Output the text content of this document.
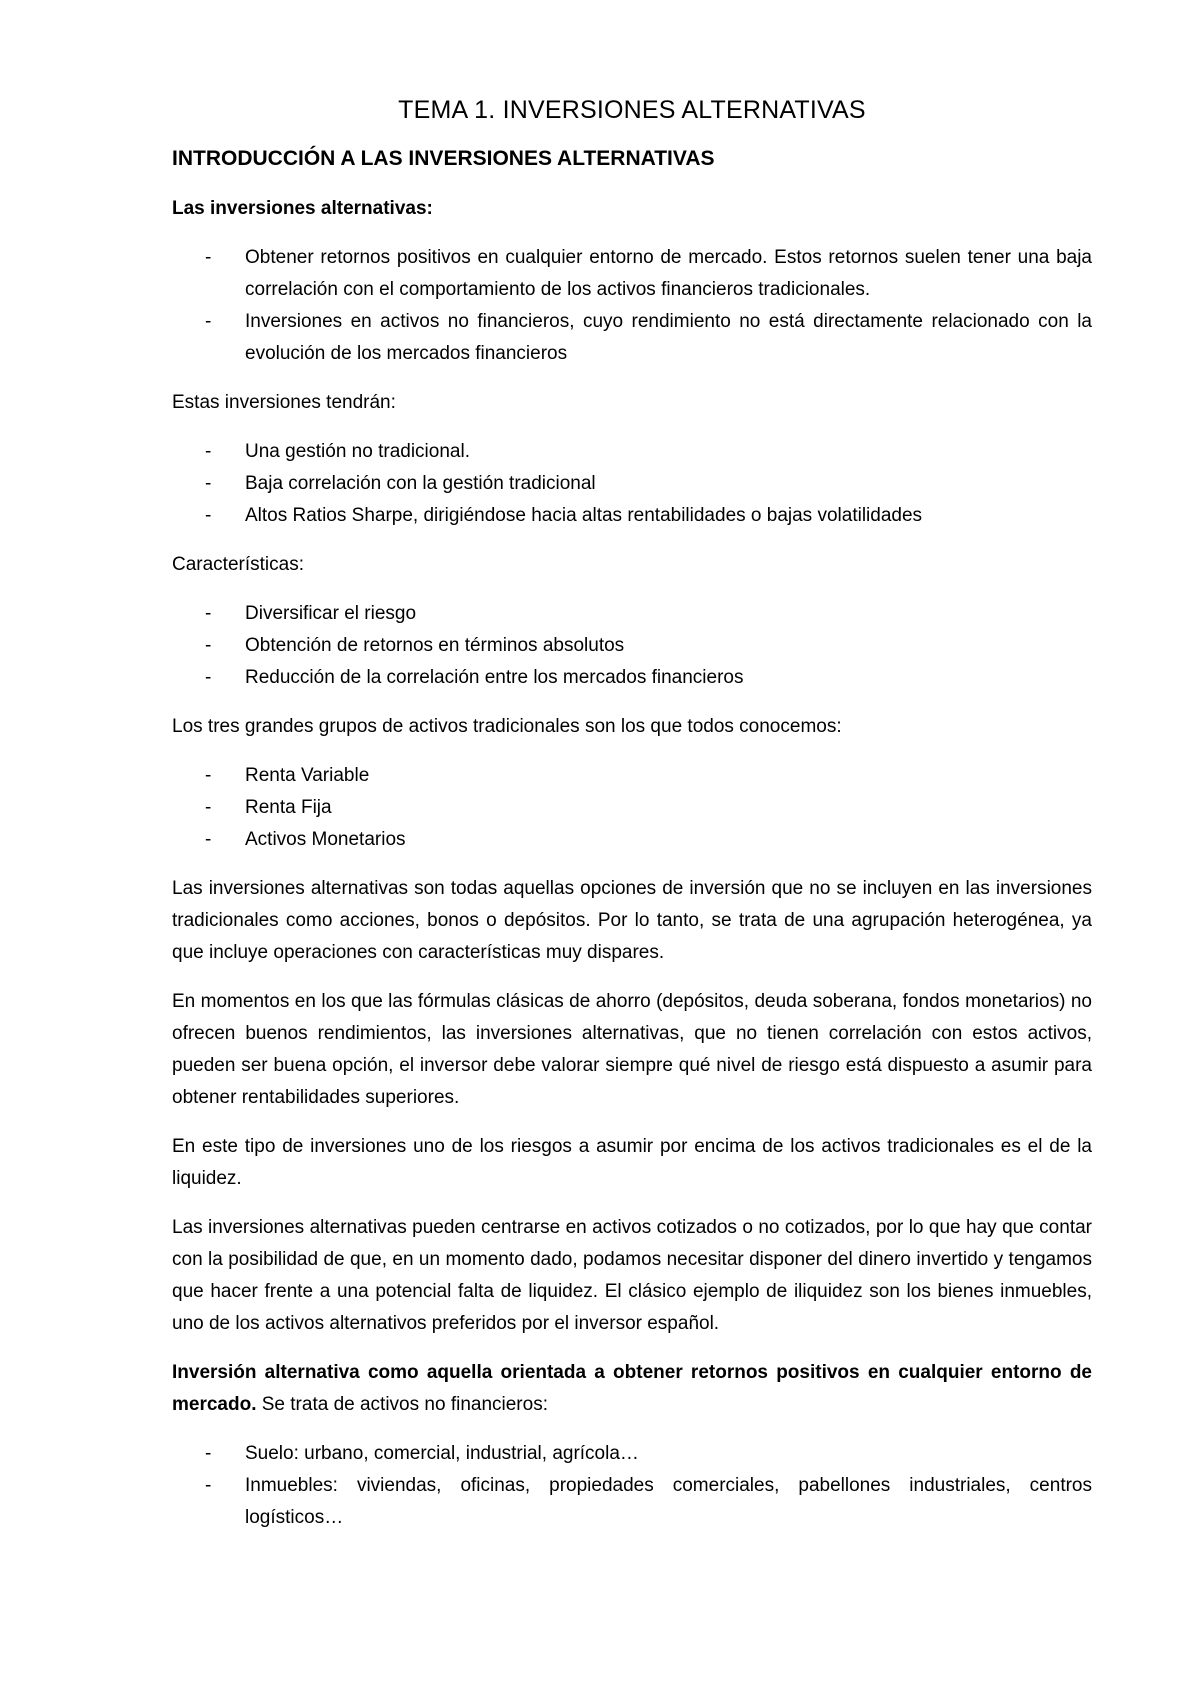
TEMA 1. INVERSIONES ALTERNATIVAS
INTRODUCCIÓN A LAS INVERSIONES ALTERNATIVAS
Las inversiones alternativas:
- Obtener retornos positivos en cualquier entorno de mercado. Estos retornos suelen tener una baja correlación con el comportamiento de los activos financieros tradicionales.
- Inversiones en activos no financieros, cuyo rendimiento no está directamente relacionado con la evolución de los mercados financieros
Estas inversiones tendrán:
- Una gestión no tradicional.
- Baja correlación con la gestión tradicional
- Altos Ratios Sharpe, dirigiéndose hacia altas rentabilidades o bajas volatilidades
Características:
- Diversificar el riesgo
- Obtención de retornos en términos absolutos
- Reducción de la correlación entre los mercados financieros
Los tres grandes grupos de activos tradicionales son los que todos conocemos:
- Renta Variable
- Renta Fija
- Activos Monetarios

Las inversiones alternativas son todas aquellas opciones de inversión que no se incluyen en las inversiones tradicionales como acciones, bonos o depósitos. Por lo tanto, se trata de una agrupación heterogénea, ya que incluye operaciones con características muy dispares.

En momentos en los que las fórmulas clásicas de ahorro (depósitos, deuda soberana, fondos monetarios) no ofrecen buenos rendimientos, las inversiones alternativas, que no tienen correlación con estos activos, pueden ser buena opción, el inversor debe valorar siempre qué nivel de riesgo está dispuesto a asumir para obtener rentabilidades superiores.

En este tipo de inversiones uno de los riesgos a asumir por encima de los activos tradicionales es el de la liquidez.

Las inversiones alternativas pueden centrarse en activos cotizados o no cotizados, por lo que hay que contar con la posibilidad de que, en un momento dado, podamos necesitar disponer del dinero invertido y tengamos que hacer frente a una potencial falta de liquidez. El clásico ejemplo de iliquidez son los bienes inmuebles, uno de los activos alternativos preferidos por el inversor español.

Inversión alternativa como aquella orientada a obtener retornos positivos en cualquier entorno de mercado. Se trata de activos no financieros:

- Suelo: urbano, comercial, industrial, agrícola…
- Inmuebles: viviendas, oficinas, propiedades comerciales, pabellones industriales, centros logísticos…
